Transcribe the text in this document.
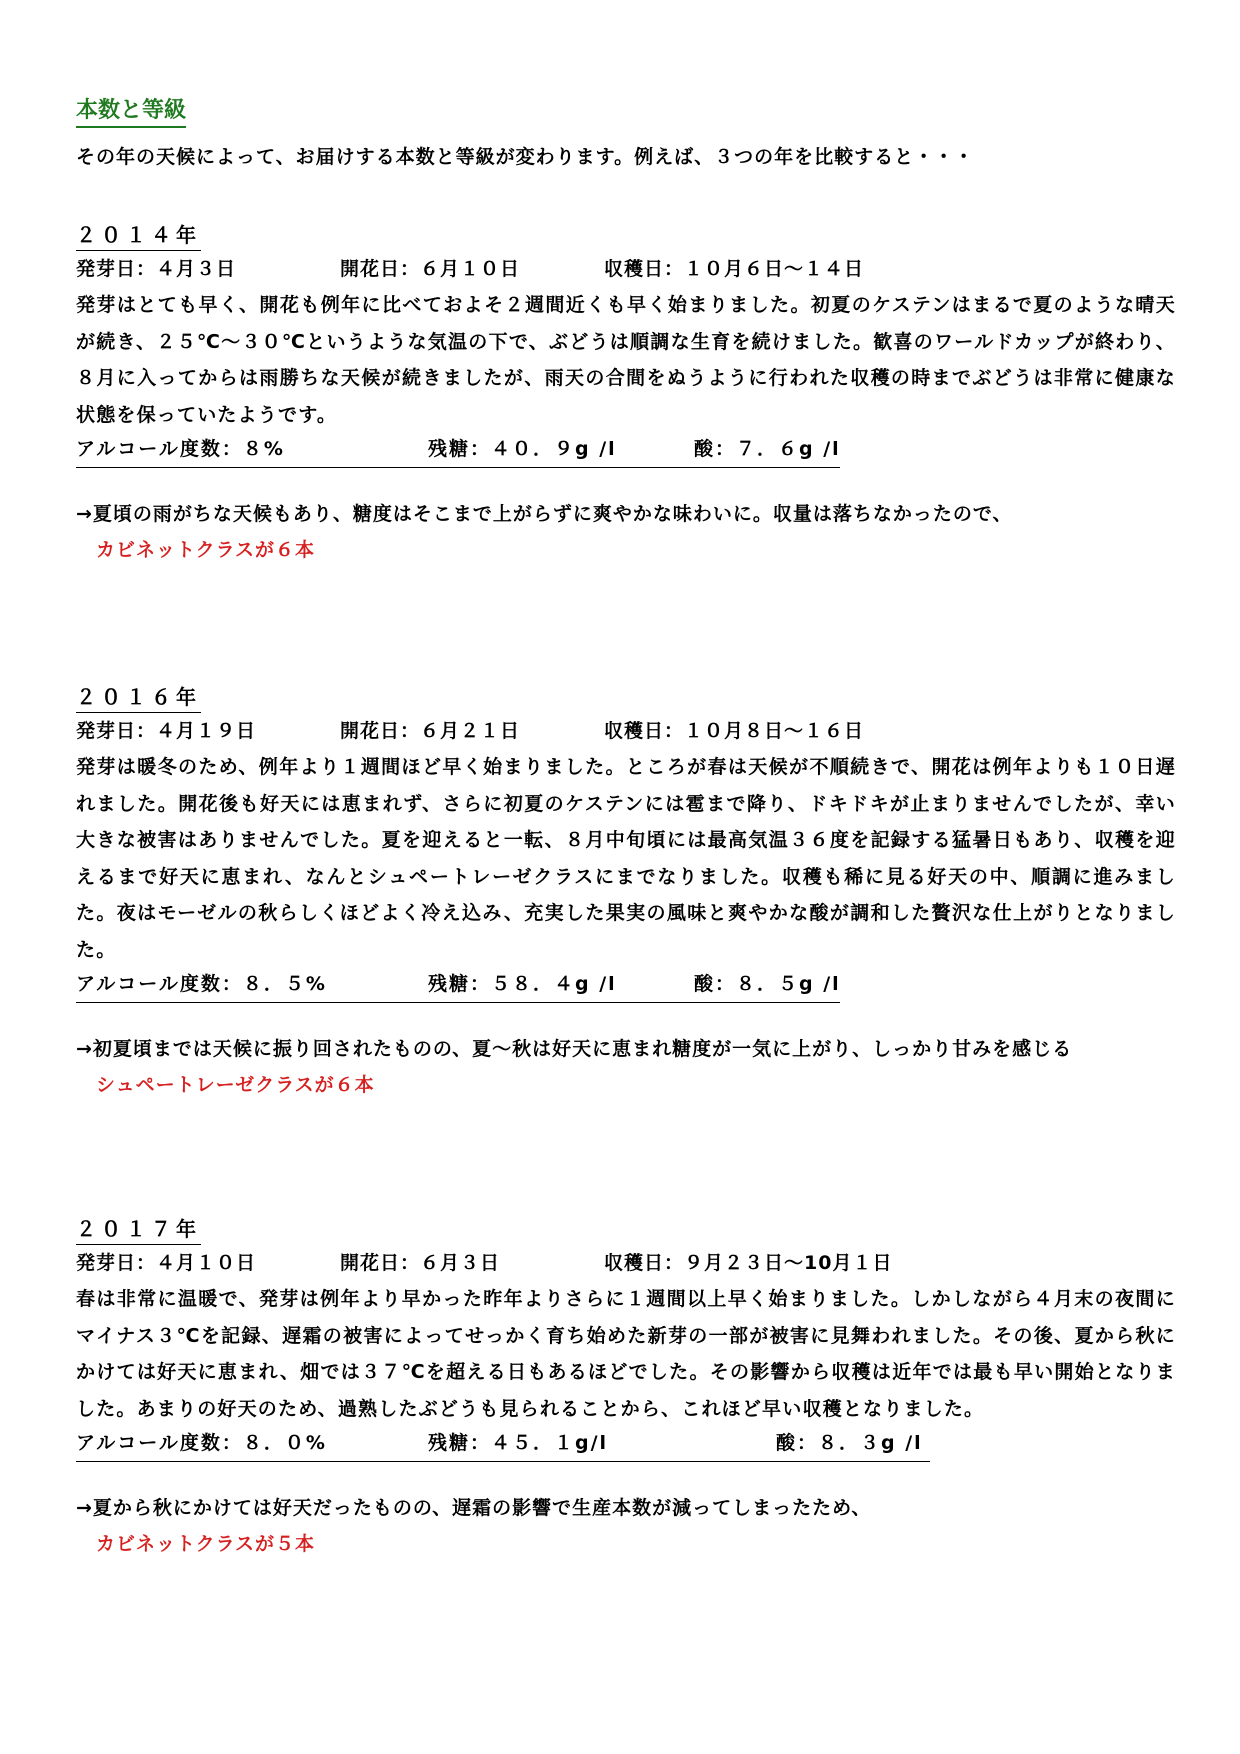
本数と等級
その年の天候によって、お届けする本数と等級が変わります。例えば、３つの年を比較すると・・・
２０１４年
発芽日：４月３日	開花日：６月１０日	収穫日：１０月６日～１４日
発芽はとても早く、開花も例年に比べておよそ２週間近くも早く始まりました。初夏のケステンはまるで夏のような晴天が続き、２５℃～３０℃というような気温の下で、ぶどうは順調な生育を続けました。歓喜のワールドカップが終わり、８月に入ってからは雨勝ちな天候が続きましたが、雨天の合間をぬうように行われた収穫の時までぶどうは非常に健康な状態を保っていたようです。
アルコール度数：８%	残糖：４０．９g /l	酸：７．６g /l
→夏頃の雨がちな天候もあり、糖度はそこまで上がらずに爽やかな味わいに。収量は落ちなかったので、
カビネットクラスが６本
２０１６年
発芽日：４月１９日	開花日：６月２１日	収穫日：１０月８日～１６日
発芽は暖冬のため、例年より１週間ほど早く始まりました。ところが春は天候が不順続きで、開花は例年よりも１０日遅れました。開花後も好天には恵まれず、さらに初夏のケステンには雹まで降り、ドキドキが止まりませんでしたが、幸い大きな被害はありませんでした。夏を迎えると一転、８月中旬頃には最高気温３６度を記録する猛暑日もあり、収穫を迎えるまで好天に恵まれ、なんとシュペートレーゼクラスにまでなりました。収穫も稀に見る好天の中、順調に進みました。夜はモーゼルの秋らしくほどよく冷え込み、充実した果実の風味と爽やかな酸が調和した贅沢な仕上がりとなりました。
アルコール度数：８．５%	残糖：５８．４g /l	酸：８．５g /l
→初夏頃までは天候に振り回されたものの、夏～秋は好天に恵まれ糖度が一気に上がり、しっかり甘みを感じる
シュペートレーゼクラスが６本
２０１７年
発芽日：４月１０日	開花日：６月３日	収穫日：９月２３日～10月１日
春は非常に温暖で、発芽は例年より早かった昨年よりさらに１週間以上早く始まりました。しかしながら４月末の夜間にマイナス３℃を記録、遅霜の被害によってせっかく育ち始めた新芽の一部が被害に見舞われました。その後、夏から秋にかけては好天に恵まれ、畑では３７℃を超える日もあるほどでした。その影響から収穫は近年では最も早い開始となりました。あまりの好天のため、過熟したぶどうも見られることから、これほど早い収穫となりました。
アルコール度数：８．０%	残糖：４５．１g/l	酸：８．３g /l
→夏から秋にかけては好天だったものの、遅霜の影響で生産本数が減ってしまったため、
カビネットクラスが５本
